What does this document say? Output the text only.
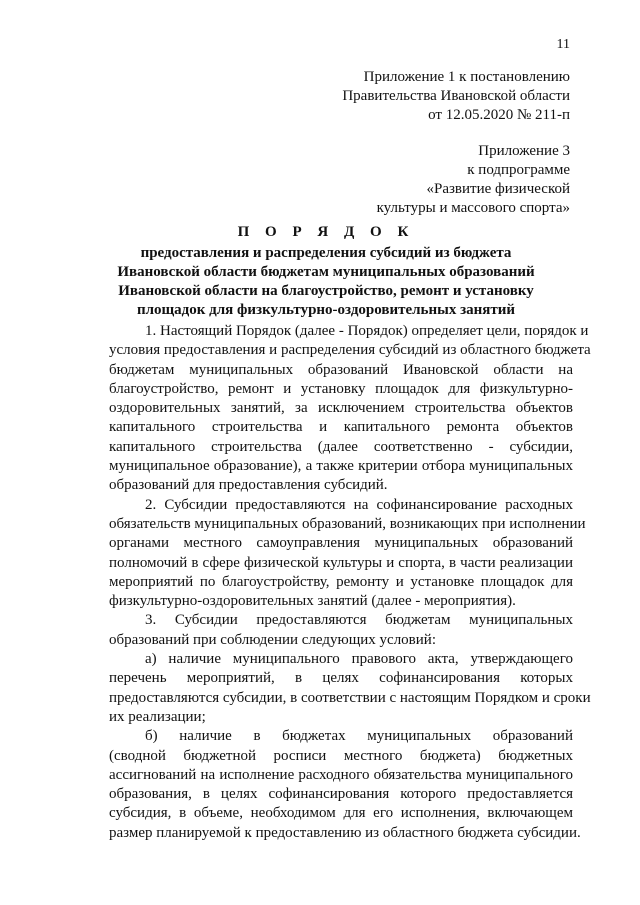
11
Приложение 1 к постановлению
Правительства Ивановской области
от 12.05.2020 № 211-п
Приложение 3
к подпрограмме
«Развитие физической
культуры и массового спорта»
П О Р Я Д О К
предоставления и распределения субсидий из бюджета
Ивановской области бюджетам муниципальных образований
Ивановской области на благоустройство, ремонт и установку
площадок для физкультурно-оздоровительных занятий
1. Настоящий Порядок (далее - Порядок) определяет цели, порядок и
условия предоставления и распределения субсидий из областного бюджета
бюджетам муниципальных образований Ивановской области на
благоустройство, ремонт и установку площадок для физкультурно-
оздоровительных занятий, за исключением строительства объектов
капитального строительства и капитального ремонта объектов
капитального строительства (далее соответственно - субсидии,
муниципальное образование), а также критерии отбора муниципальных
образований для предоставления субсидий.
2. Субсидии предоставляются на софинансирование расходных
обязательств муниципальных образований, возникающих при исполнении
органами местного самоуправления муниципальных образований
полномочий в сфере физической культуры и спорта, в части реализации
мероприятий по благоустройству, ремонту и установке площадок для
физкультурно-оздоровительных занятий (далее - мероприятия).
3. Субсидии предоставляются бюджетам муниципальных
образований при соблюдении следующих условий:
а) наличие муниципального правового акта, утверждающего
перечень мероприятий, в целях софинансирования которых
предоставляются субсидии, в соответствии с настоящим Порядком и сроки
их реализации;
б) наличие в бюджетах муниципальных образований
(сводной бюджетной росписи местного бюджета) бюджетных
ассигнований на исполнение расходного обязательства муниципального
образования, в целях софинансирования которого предоставляется
субсидия, в объеме, необходимом для его исполнения, включающем
размер планируемой к предоставлению из областного бюджета субсидии.
